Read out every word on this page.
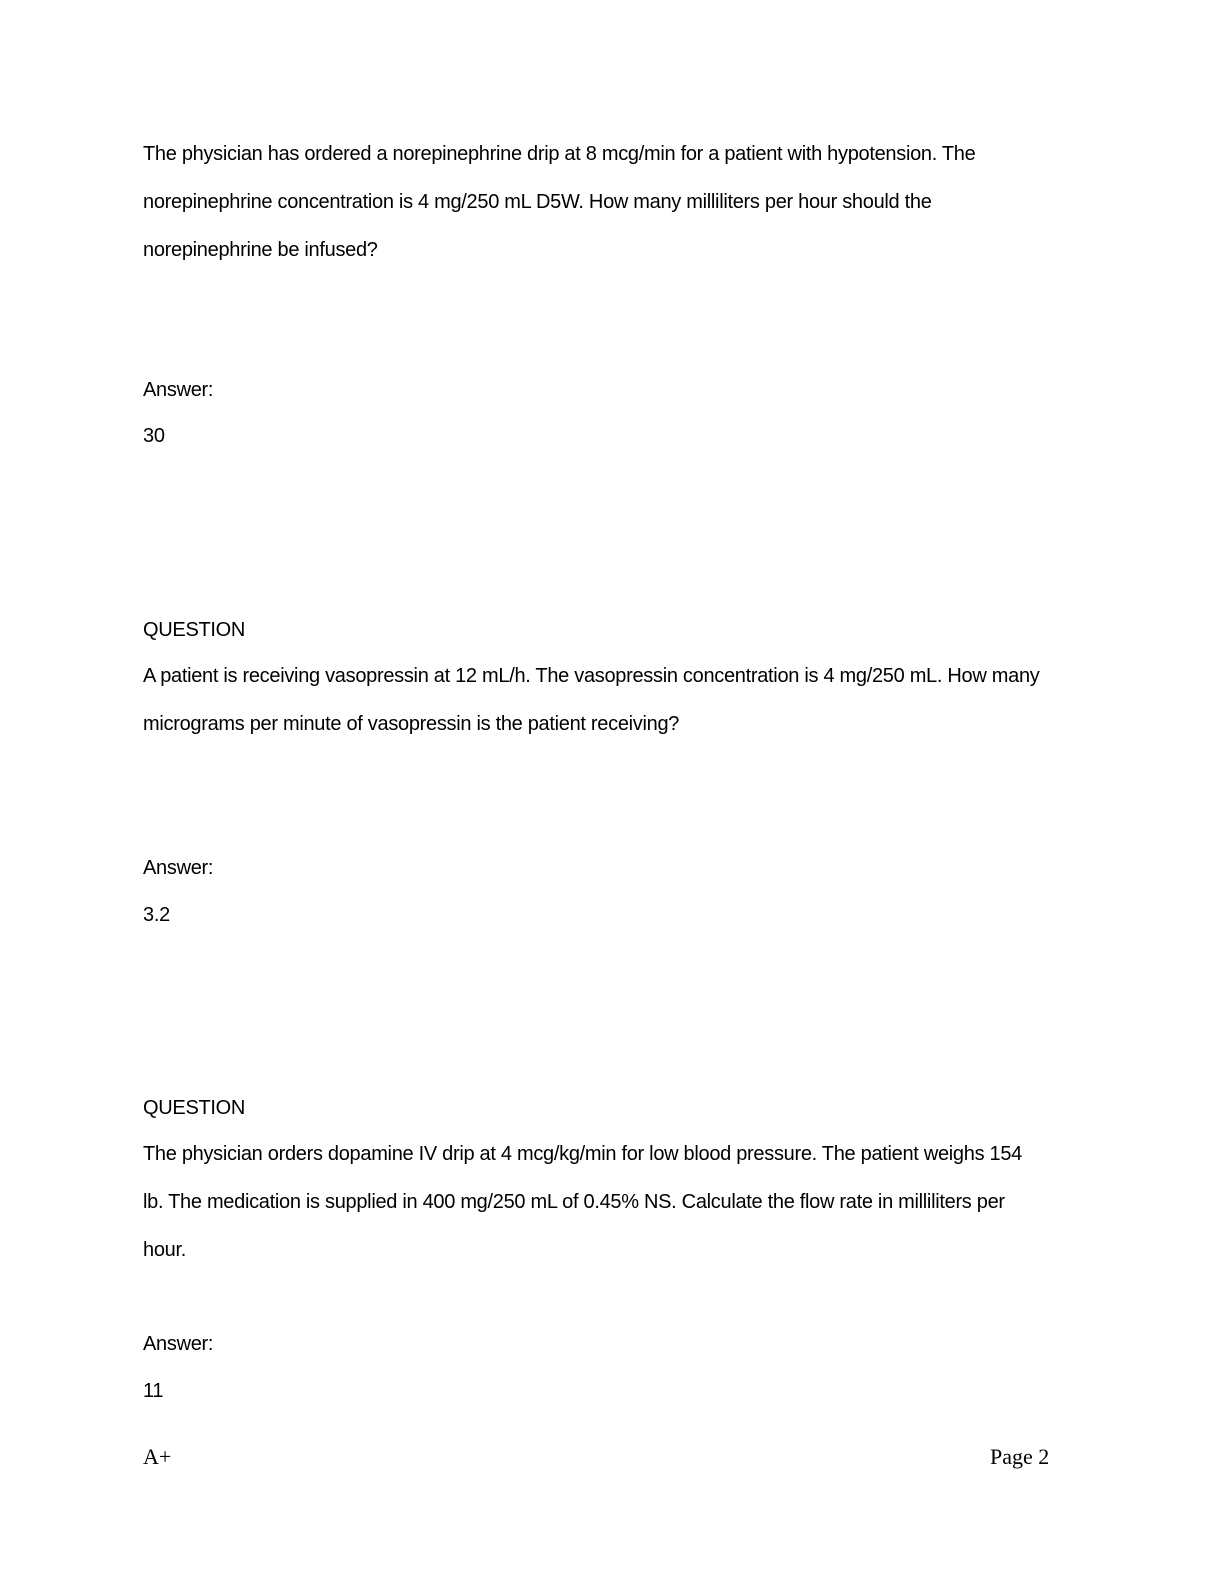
The physician has ordered a norepinephrine drip at 8 mcg/min for a patient with hypotension. The
norepinephrine concentration is 4 mg/250 mL D5W. How many milliliters per hour should the
norepinephrine be infused?
Answer:
30
QUESTION
A patient is receiving vasopressin at 12 mL/h. The vasopressin concentration is 4 mg/250 mL. How many
micrograms per minute of vasopressin is the patient receiving?
Answer:
3.2
QUESTION
The physician orders dopamine IV drip at 4 mcg/kg/min for low blood pressure. The patient weighs 154
lb. The medication is supplied in 400 mg/250 mL of 0.45% NS. Calculate the flow rate in milliliters per
hour.
Answer:
11
A+	Page 2
